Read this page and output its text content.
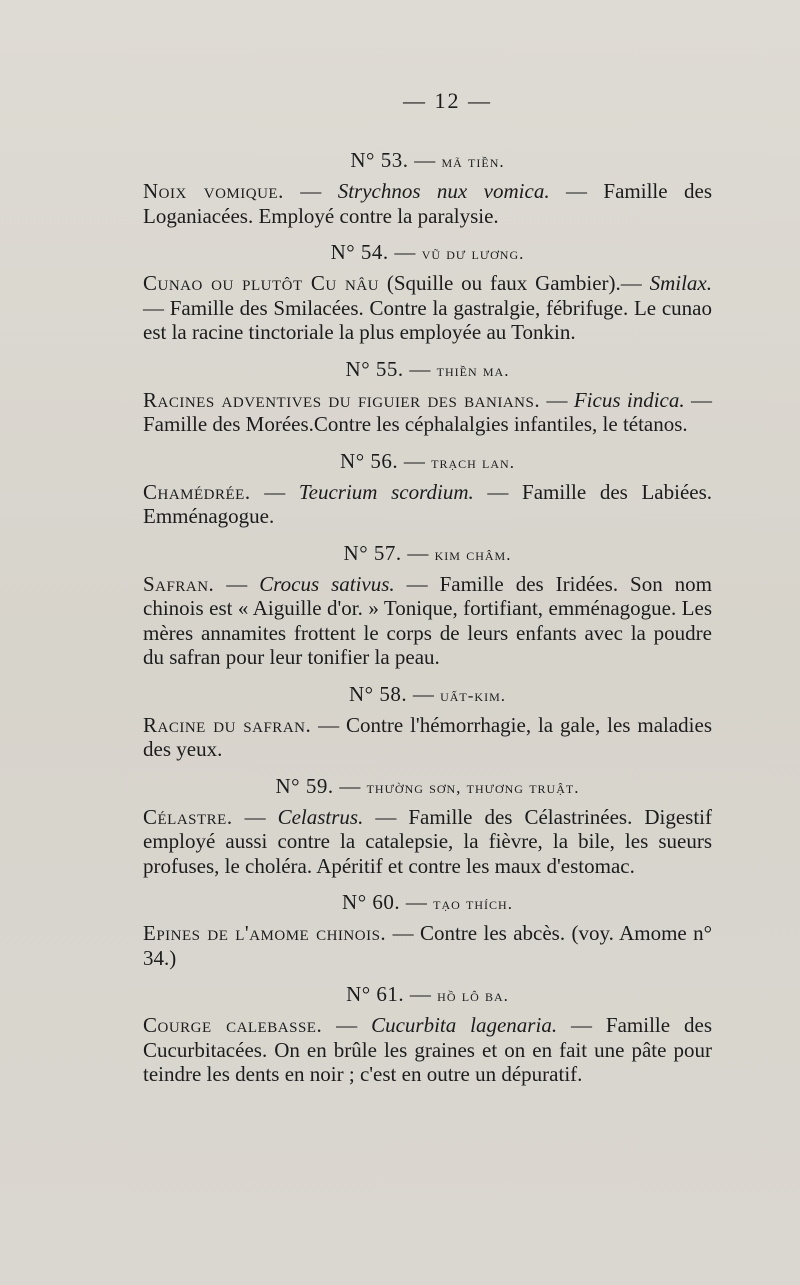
— 12 —
N° 53. — mã tiền.

Noix vomique. — Strychnos nux vomica. — Famille des Loganiacées. Employé contre la paralysie.

N° 54. — vũ dư lương.

Cunao ou plutôt Cu nâu (Squille ou faux Gambier).— Smilax. — Famille des Smilacées. Contre la gastralgie, fébrifuge. Le cunao est la racine tinctoriale la plus employée au Tonkin.

N° 55. — thiền ma.

Racines adventives du figuier des banians. — Ficus indica. — Famille des Morées.Contre les céphalalgies infantiles, le tétanos.

N° 56. — trạch lan.

Chamédrée. — Teucrium scordium. — Famille des Labiées. Emménagogue.

N° 57. — kim châm.

Safran. — Crocus sativus. — Famille des Iridées. Son nom chinois est « Aiguille d'or. » Tonique, fortifiant, emménagogue. Les mères annamites frottent le corps de leurs enfants avec la poudre du safran pour leur tonifier la peau.

N° 58. — uất-kim.

Racine du safran. — Contre l'hémorrhagie, la gale, les maladies des yeux.

N° 59. — thường sơn, thương truật.

Célastre. — Celastrus. — Famille des Célastrinées. Digestif employé aussi contre la catalepsie, la fièvre, la bile, les sueurs profuses, le choléra. Apéritif et contre les maux d'estomac.

N° 60. — tạo thích.

Epines de l'amome chinois. — Contre les abcès. (voy. Amome n° 34.)

N° 61. — hồ lô ba.

Courge calebasse. — Cucurbita lagenaria. — Famille des Cucurbitacées. On en brûle les graines et on en fait une pâte pour teindre les dents en noir ; c'est en outre un dépuratif.
